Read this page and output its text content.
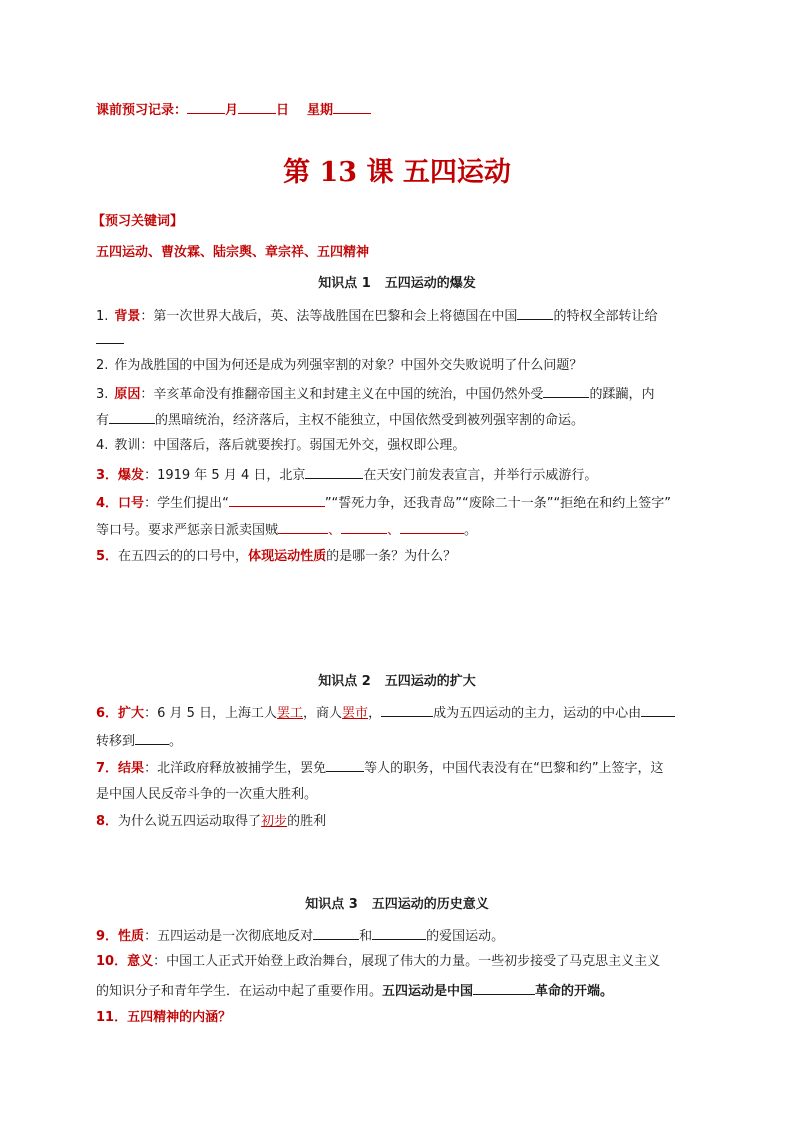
课前预习记录：	月	日 星期
第 13 课 五四运动
【预习关键词】
五四运动、曹汝霖、陆宗舆、章宗祥、五四精神
知识点 1 五四运动的爆发
1. 背景：第一次世界大战后，英、法等战胜国在巴黎和会上将德国在中国	的特权全部转让给
2. 作为战胜国的中国为何还是成为列强宰割的对象？中国外交失败说明了什么问题？
3. 原因：辛亥革命没有推翻帝国主义和封建主义在中国的统治，中国仍然外受	的蹂躏，内
有	的黑暗统治，经济落后，主权不能独立，中国依然受到被列强宰割的命运。
4. 教训：中国落后，落后就要挨打。弱国无外交，强权即公理。
3．爆发：1919 年 5 月 4 日，北京	在天安门前发表宣言，并举行示威游行。
4．口号：学生们提出“	”“誓死力争，还我青岛”“废除二十一条”“拒绝在和约上签字”
等口号。要求严惩亲日派卖国贼	、	、	。
5．在五四云的的口号中，体现运动性质的是哪一条？为什么？
知识点 2 五四运动的扩大
6．扩大：6 月 5 日，上海工人罢工，商人罢市，	成为五四运动的主力，运动的中心由
转移到	。
7．结果：北洋政府释放被捕学生，罢免	等人的职务，中国代表没有在“巴黎和约”上签字，这
是中国人民反帝斗争的一次重大胜利。
8．为什么说五四运动取得了初步的胜利
知识点 3 五四运动的历史意义
9．性质：五四运动是一次彻底地反对	和	的爱国运动。
10．意义：中国工人正式开始登上政治舞台，展现了伟大的力量。一些初步接受了马克思主义主义
的知识分子和青年学生．在运动中起了重要作用。五四运动是中国	革命的开端。
11．五四精神的内涵？
